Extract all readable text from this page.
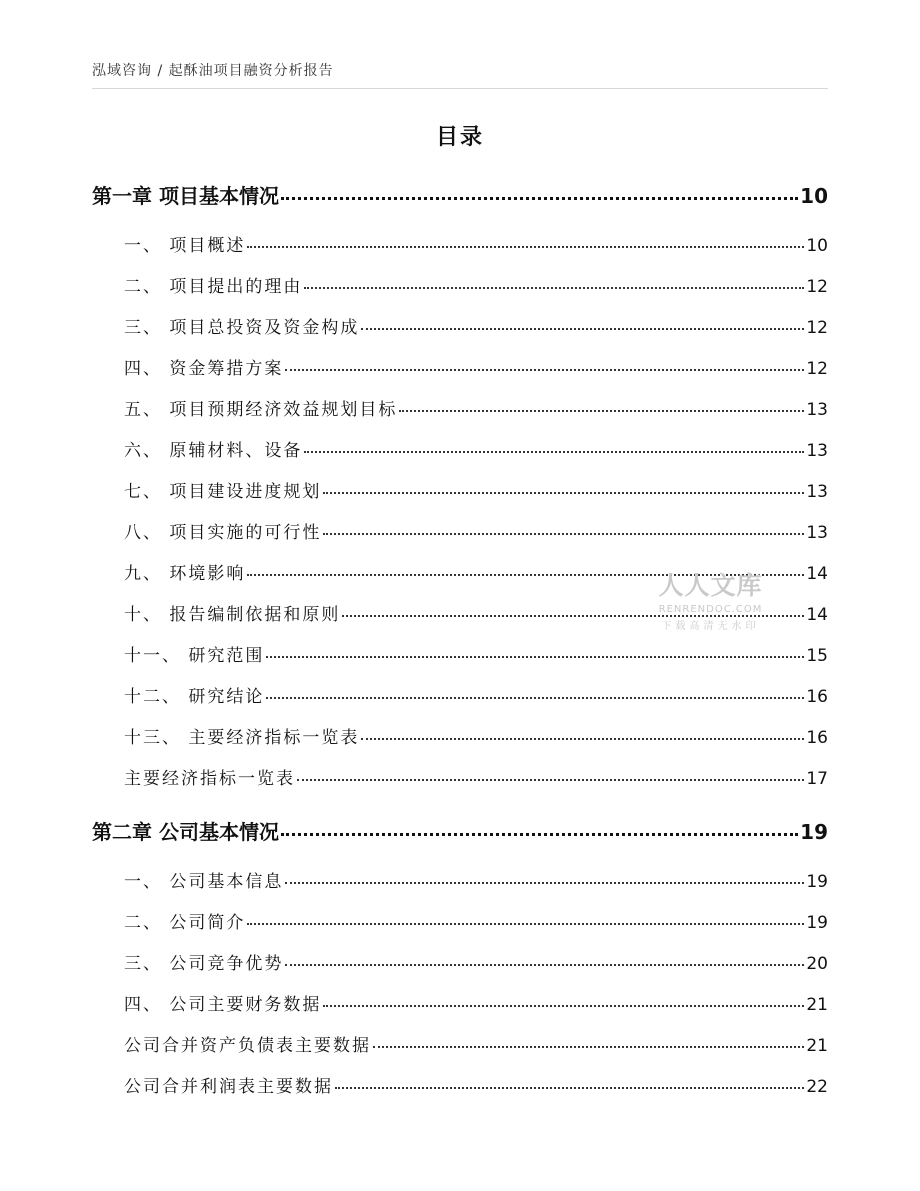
泓域咨询 / 起酥油项目融资分析报告
目录
第一章 项目基本情况	10
一、 项目概述	10
二、 项目提出的理由	12
三、 项目总投资及资金构成	12
四、 资金筹措方案	12
五、 项目预期经济效益规划目标	13
六、 原辅材料、设备	13
七、 项目建设进度规划	13
八、 项目实施的可行性	13
九、 环境影响	14
十、 报告编制依据和原则	14
十一、 研究范围	15
十二、 研究结论	16
十三、 主要经济指标一览表	16
主要经济指标一览表	17
第二章 公司基本情况	19
一、 公司基本信息	19
二、 公司简介	19
三、 公司竞争优势	20
四、 公司主要财务数据	21
公司合并资产负债表主要数据	21
公司合并利润表主要数据	22
人人文库
RENRENDOC.COM
下载高清无水印
